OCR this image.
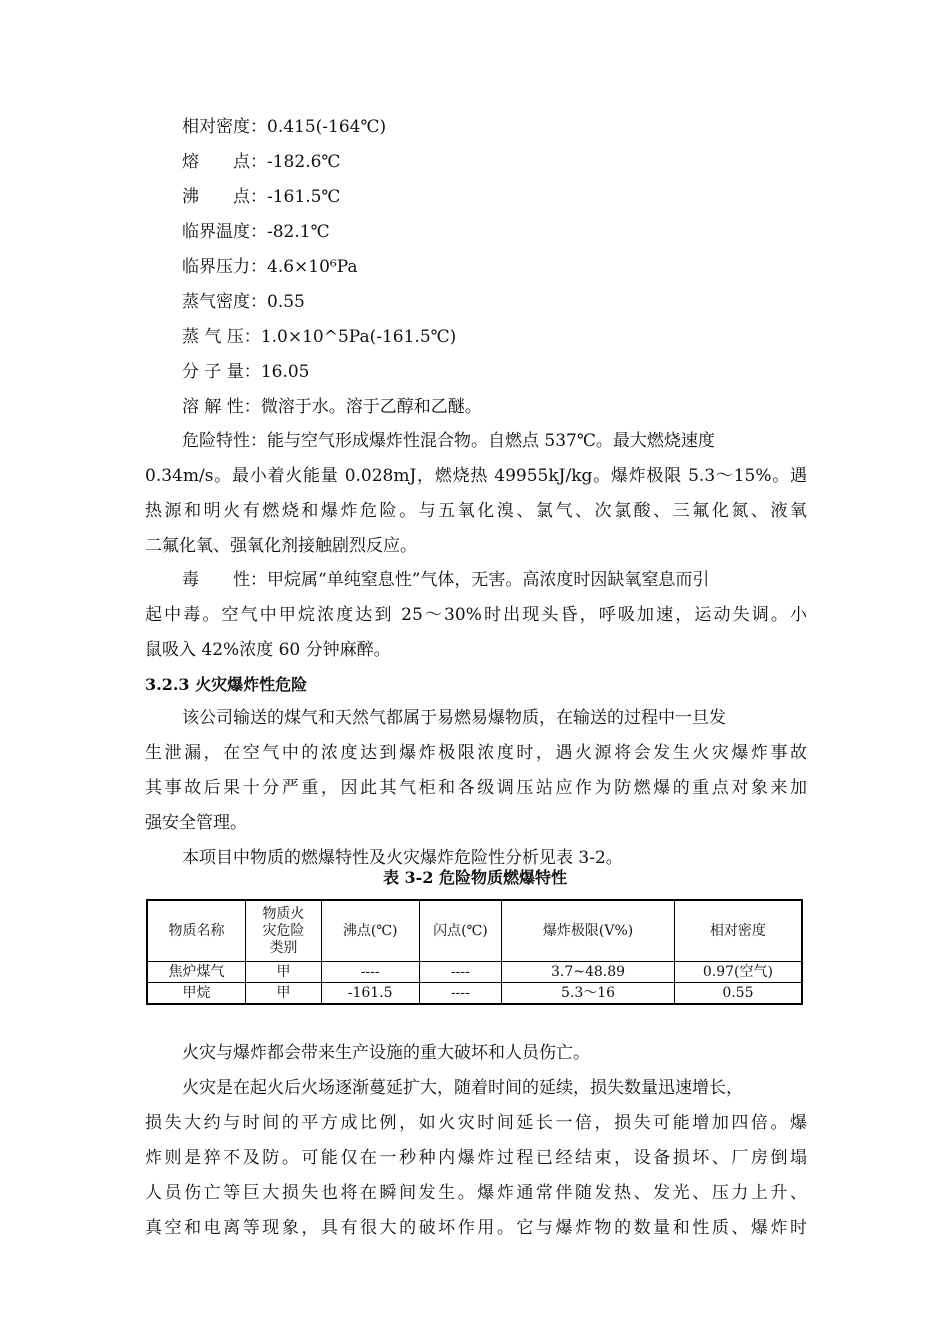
相对密度：0.415(-164℃)
熔　　点：-182.6℃
沸　　点：-161.5℃
临界温度：-82.1℃
临界压力：4.6×10⁶Pa
蒸气密度：0.55
蒸 气 压：1.0×10^5Pa(-161.5℃)
分 子 量：16.05
溶 解 性：微溶于水。溶于乙醇和乙醚。
危险特性：能与空气形成爆炸性混合物。自燃点 537℃。最大燃烧速度
0.34m/s。最小着火能量 0.028mJ，燃烧热 49955kJ/kg。爆炸极限 5.3～15%。遇
热源和明火有燃烧和爆炸危险。与五氧化溴、氯气、次氯酸、三氟化氮、液氧
二氟化氧、强氧化剂接触剧烈反应。
毒　　性：甲烷属“单纯窒息性”气体，无害。高浓度时因缺氧窒息而引
起中毒。空气中甲烷浓度达到 25～30%时出现头昏，呼吸加速，运动失调。小
鼠吸入 42%浓度 60 分钟麻醉。
3.2.3 火灾爆炸性危险
该公司输送的煤气和天然气都属于易燃易爆物质，在输送的过程中一旦发
生泄漏，在空气中的浓度达到爆炸极限浓度时，遇火源将会发生火灾爆炸事故
其事故后果十分严重，因此其气柜和各级调压站应作为防燃爆的重点对象来加
强安全管理。
本项目中物质的燃爆特性及火灾爆炸危险性分析见表 3-2。
表 3-2 危险物质燃爆特性
物质名称	物质火
灾危险
类别	沸点(℃)	闪点(℃)	爆炸极限(V%)	相对密度
焦炉煤气	甲	----	----	3.7~48.89	0.97(空气)
甲烷	甲	-161.5	----	5.3～16	0.55
火灾与爆炸都会带来生产设施的重大破坏和人员伤亡。
火灾是在起火后火场逐渐蔓延扩大，随着时间的延续，损失数量迅速增长，
损失大约与时间的平方成比例，如火灾时间延长一倍，损失可能增加四倍。爆
炸则是猝不及防。可能仅在一秒种内爆炸过程已经结束，设备损坏、厂房倒塌
人员伤亡等巨大损失也将在瞬间发生。爆炸通常伴随发热、发光、压力上升、
真空和电离等现象，具有很大的破坏作用。它与爆炸物的数量和性质、爆炸时
